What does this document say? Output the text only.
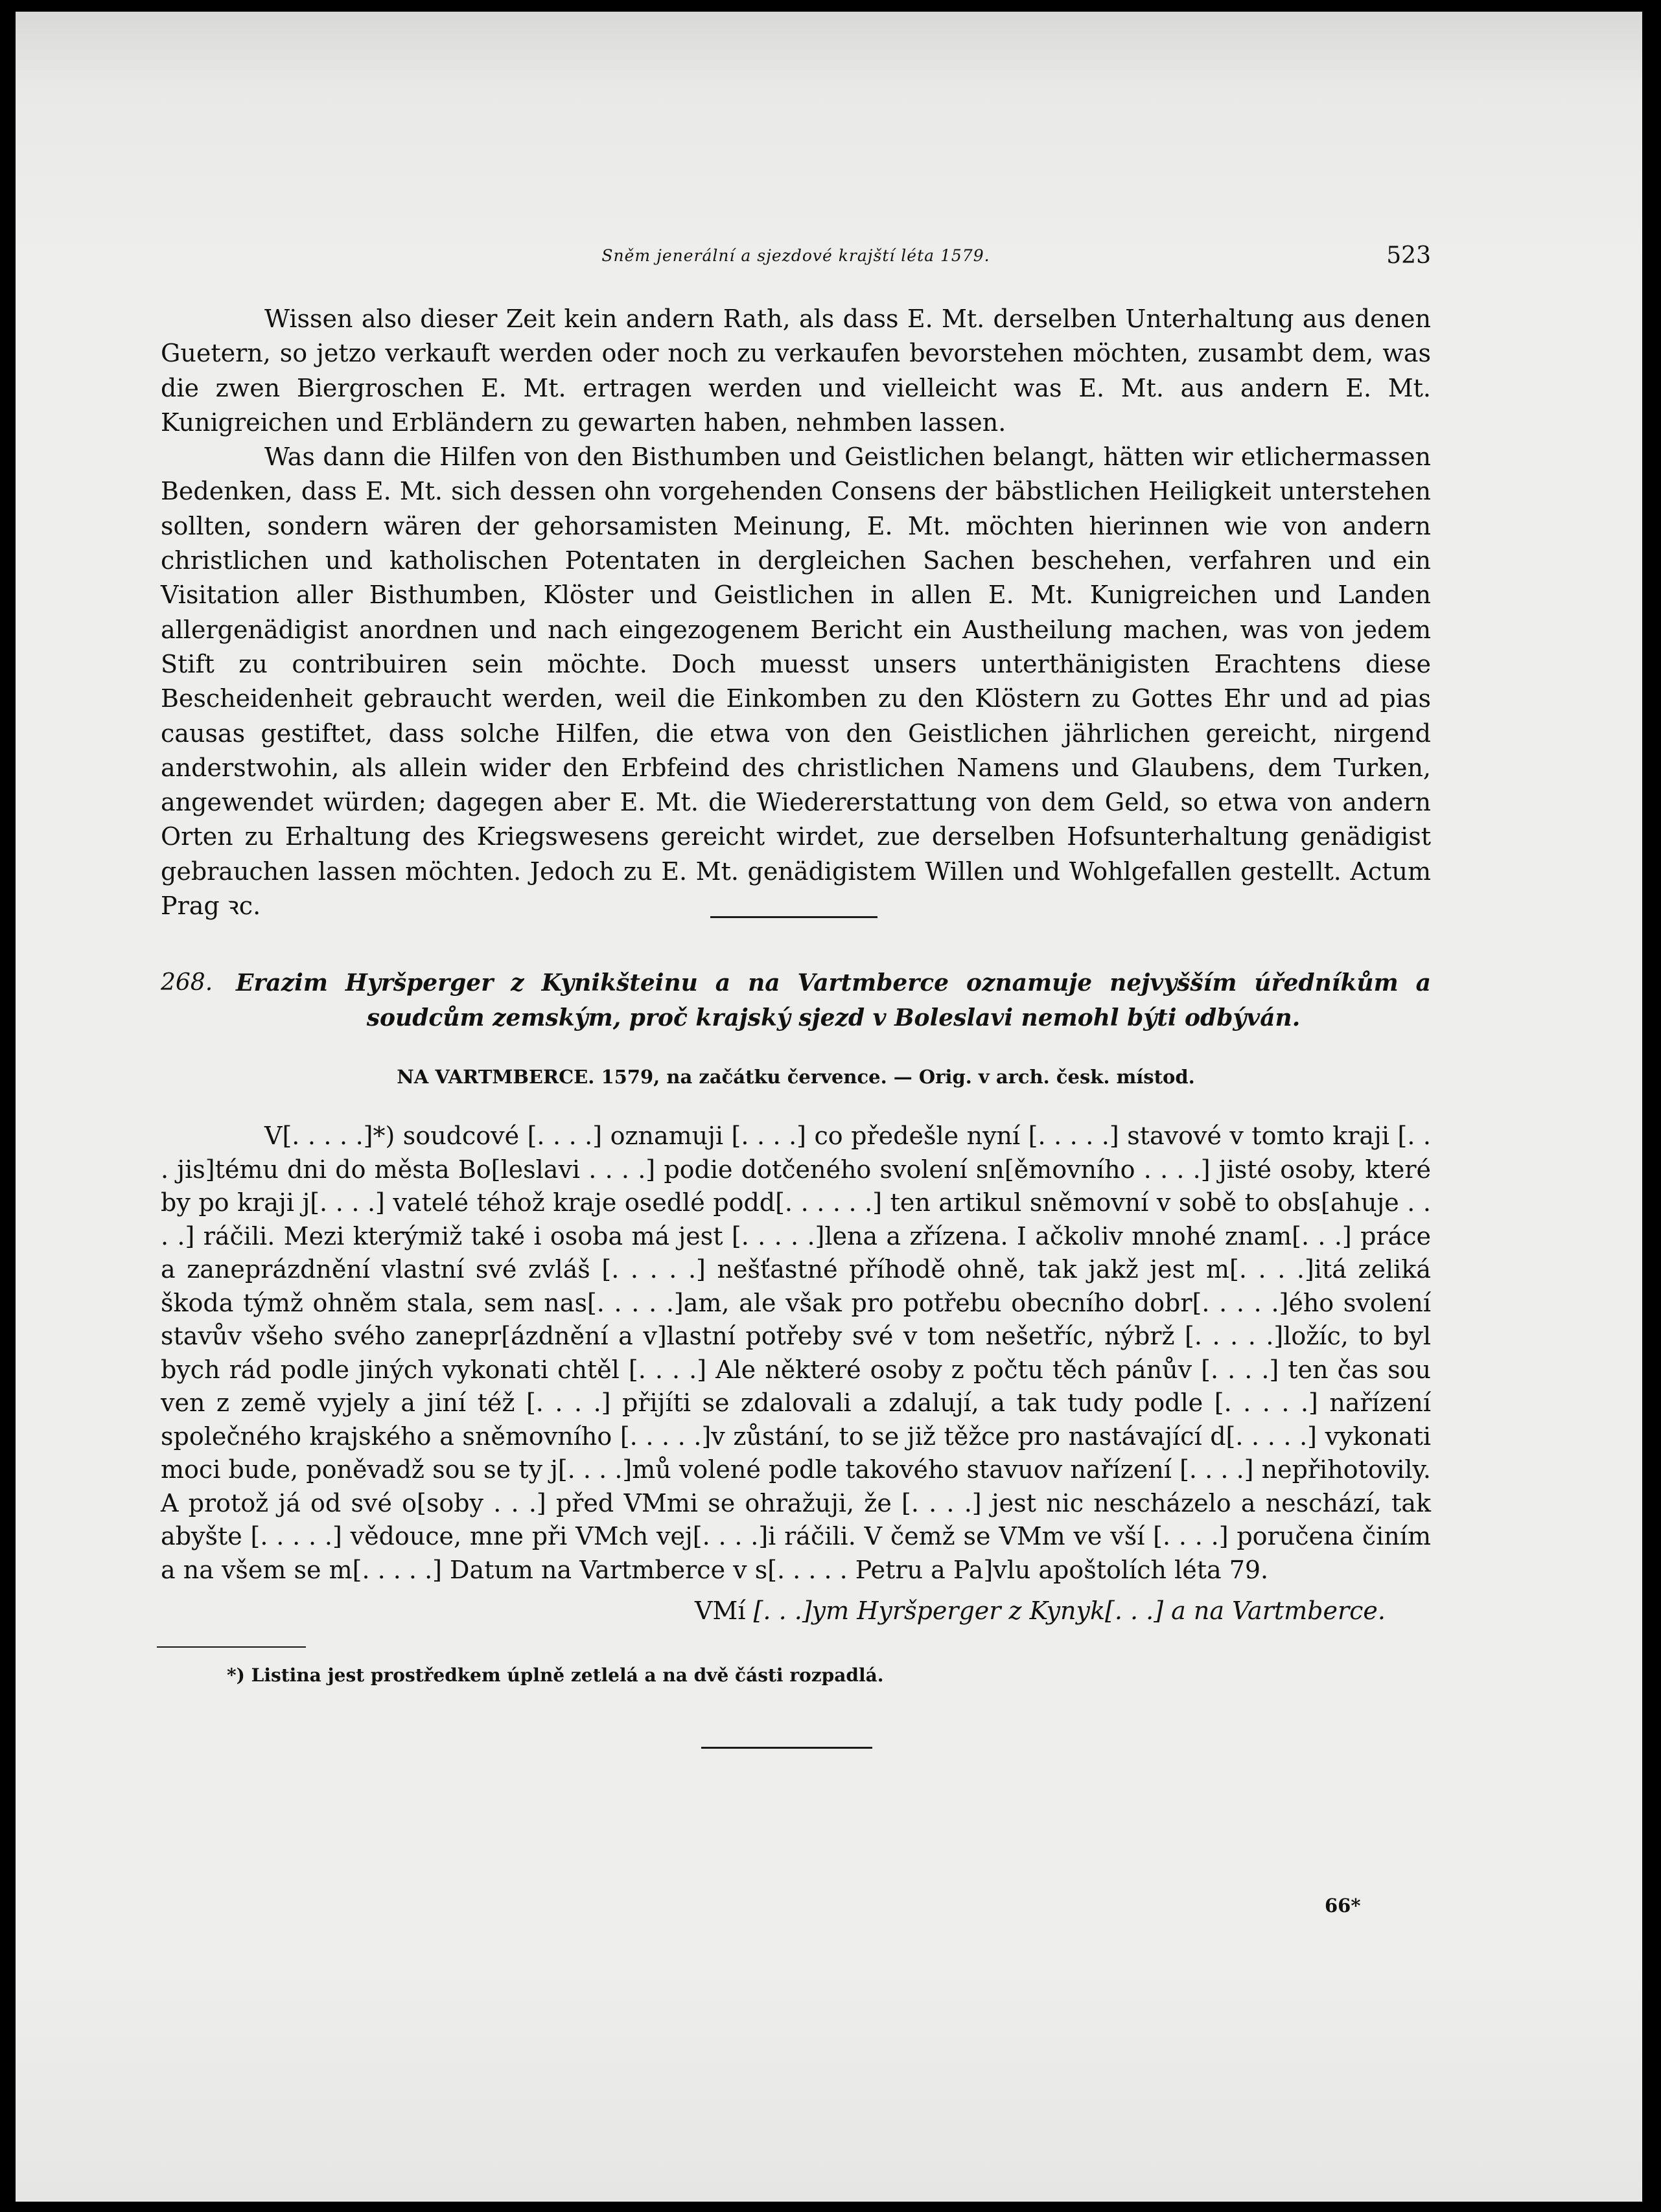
Sněm jenerální a sjezdové krajští léta 1579.	523

Wissen also dieser Zeit kein andern Rath, als dass E. Mt. derselben Unterhaltung aus denen Guetern, so jetzo verkauft werden oder noch zu verkaufen bevorstehen möchten, zusambt dem, was die zwen Biergroschen E. Mt. ertragen werden und vielleicht was E. Mt. aus andern E. Mt. Kunigreichen und Erbländern zu gewarten haben, nehmben lassen.

Was dann die Hilfen von den Bisthumben und Geistlichen belangt, hätten wir etlichermassen Bedenken, dass E. Mt. sich dessen ohn vorgehenden Consens der bäbstlichen Heiligkeit unterstehen sollten, sondern wären der gehorsamisten Meinung, E. Mt. möchten hierinnen wie von andern christlichen und katholischen Potentaten in dergleichen Sachen beschehen, verfahren und ein Visitation aller Bisthumben, Klöster und Geistlichen in allen E. Mt. Kunigreichen und Landen allergenädigist anordnen und nach eingezogenem Bericht ein Austheilung machen, was von jedem Stift zu contribuiren sein möchte. Doch muesst unsers unterthänigisten Erachtens diese Bescheidenheit gebraucht werden, weil die Einkomben zu den Klöstern zu Gottes Ehr und ad pias causas gestiftet, dass solche Hilfen, die etwa von den Geistlichen jährlichen gereicht, nirgend anderstwohin, als allein wider den Erbfeind des christlichen Namens und Glaubens, dem Turken, angewendet würden; dagegen aber E. Mt. die Wiedererstattung von dem Geld, so etwa von andern Orten zu Erhaltung des Kriegswesens gereicht wirdet, zue derselben Hofsunterhaltung genädigist gebrauchen lassen möchten. Jedoch zu E. Mt. genädigistem Willen und Wohlgefallen gestellt. Actum Prag ꝛc.

268. Erazim Hyršperger z Kynikšteinu a na Vartmberce oznamuje nejvyšším úředníkům a soudcům zemským, proč krajský sjezd v Boleslavi nemohl býti odbýván.
NA VARTMBERCE. 1579, na začátku července. — Orig. v arch. česk. místod.

V[. . . . .]*) soudcové [. . . .] oznamuji [. . . .] co předešle nyní [. . . . .] stavové v tomto kraji [. . . jis]tému dni do města Bo[leslavi . . . .] podie dotčeného svolení sn[ěmovního . . . .] jisté osoby, které by po kraji j[. . . .] vatelé téhož kraje osedlé podd[. . . . . .] ten artikul sněmovní v sobě to obs[ahuje . . . .] ráčili. Mezi kterýmiž také i osoba má jest [. . . . .]lena a zřízena. I ačkoliv mnohé znam[. . .] práce a zaneprázdnění vlastní své zvláš [. . . . .] nešťastné příhodě ohně, tak jakž jest m[. . . .]itá zeliká škoda týmž ohněm stala, sem nas[. . . . .]am, ale však pro potřebu obecního dobr[. . . . .]ého svolení stavův všeho svého zanepr[ázdnění a v]lastní potřeby své v tom nešetříc, nýbrž [. . . . .]ložíc, to byl bych rád podle jiných vykonati chtěl [. . . .] Ale některé osoby z počtu těch pánův [. . . .] ten čas sou ven z země vyjely a jiní též [. . . .] přijíti se zdalovali a zdalují, a tak tudy podle [. . . . .] nařízení společného krajského a sněmovního [. . . . .]v zůstání, to se již těžce pro nastávající d[. . . . .] vykonati moci bude, poněvadž sou se ty j[. . . .]mů volené podle takového stavuov nařízení [. . . .] nepřihotovily. A protož já od své o[soby . . .] před VMmi se ohražuji, že [. . . .] jest nic nescházelo a neschází, tak abyšte [. . . . .] vědouce, mne při VMch vej[. . . .]i ráčili. V čemž se VMm ve vší [. . . .] poručena činím a na všem se m[. . . . .] Datum na Vartmberce v s[. . . . . Petru a Pa]vlu apoštolích léta 79.

VMí [. . .]ym Hyršperger z Kynyk[. . .] a na Vartmberce.
*) Listina jest prostředkem úplně zetlelá a na dvě části rozpadlá.
66*
